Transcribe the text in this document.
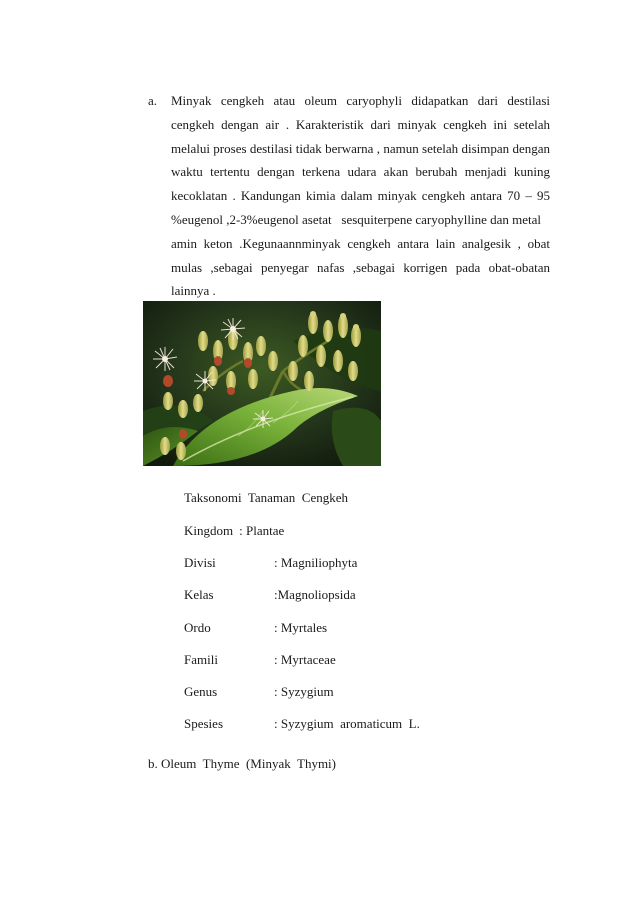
a. Minyak cengkeh atau oleum caryophyli didapatkan dari destilasi
cengkeh dengan air . Karakteristik dari minyak cengkeh ini setelah
melalui proses destilasi tidak berwarna , namun setelah disimpan dengan
waktu tertentu dengan terkena udara akan berubah menjadi kuning
kecoklatan . Kandungan kimia dalam minyak cengkeh antara 70 – 95
%eugenol ,2-3%eugenol asetat   sesquiterpene caryophylline dan metal
amin keton .Kegunaannminyak cengkeh antara lain analgesik , obat
mulas ,sebagai penyegar nafas ,sebagai korrigen pada obat-obatan
lainnya .
Taksonomi  Tanaman  Cengkeh
Kingdom : Plantae
Divisi	: Magniliophyta
Kelas	:Magnoliopsida
Ordo	: Myrtales
Famili	: Myrtaceae
Genus	: Syzygium
Spesies	: Syzygium  aromaticum  L.
b. Oleum  Thyme  (Minyak  Thymi)
